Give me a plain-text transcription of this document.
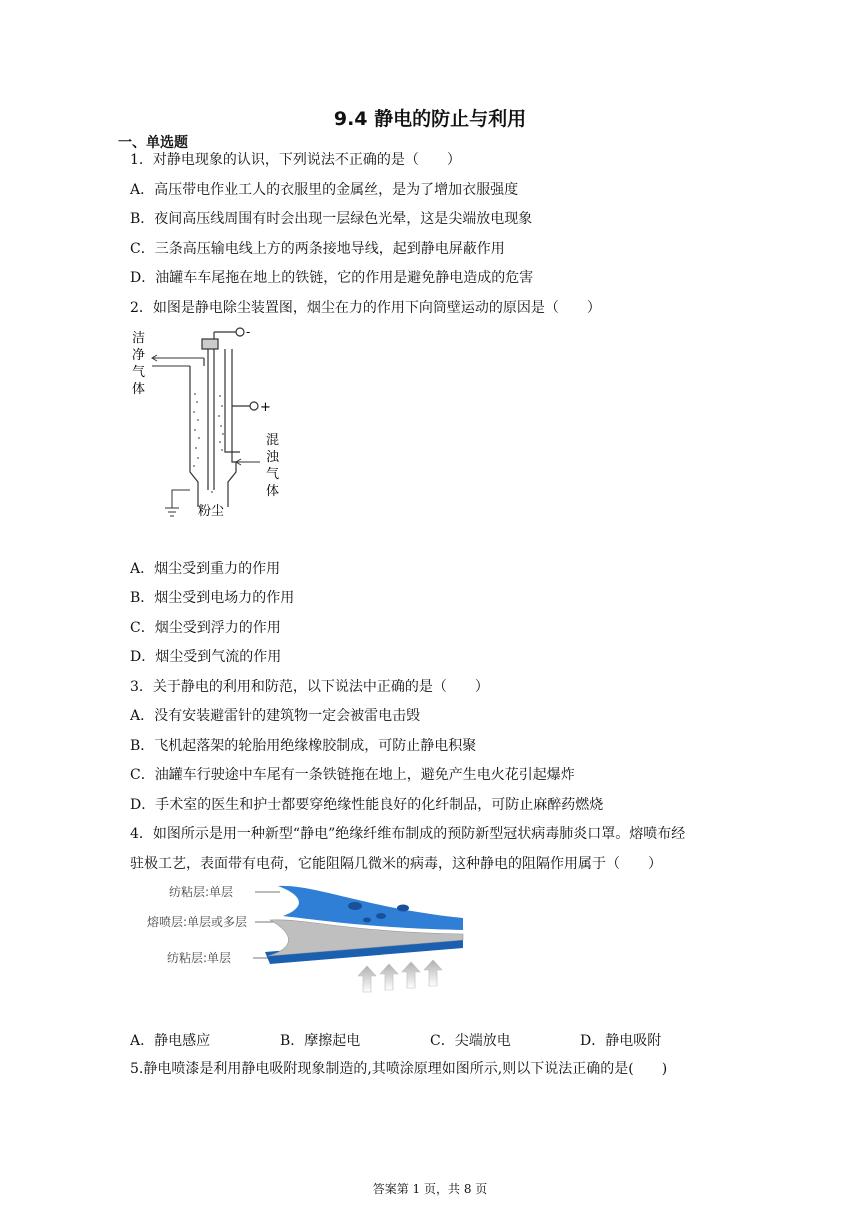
9.4 静电的防止与利用
一、单选题
1．对静电现象的认识，下列说法不正确的是（　　）
A．高压带电作业工人的衣服里的金属丝，是为了增加衣服强度
B．夜间高压线周围有时会出现一层绿色光晕，这是尖端放电现象
C．三条高压输电线上方的两条接地导线，起到静电屏蔽作用
D．油罐车车尾拖在地上的铁链，它的作用是避免静电造成的危害
2．如图是静电除尘装置图，烟尘在力的作用下向筒壁运动的原因是（　　）
洁
净
气
体
-
+
混
浊
气
体
粉尘
A．烟尘受到重力的作用
B．烟尘受到电场力的作用
C．烟尘受到浮力的作用
D．烟尘受到气流的作用
3．关于静电的利用和防范，以下说法中正确的是（　　）
A．没有安装避雷针的建筑物一定会被雷电击毁
B．飞机起落架的轮胎用绝缘橡胶制成，可防止静电积聚
C．油罐车行驶途中车尾有一条铁链拖在地上，避免产生电火花引起爆炸
D．手术室的医生和护士都要穿绝缘性能良好的化纤制品，可防止麻醉药燃烧
4．如图所示是用一种新型“静电”绝缘纤维布制成的预防新型冠状病毒肺炎口罩。熔喷布经
驻极工艺，表面带有电荷，它能阻隔几微米的病毒，这种静电的阻隔作用属于（　　）
纺粘层:单层
熔喷层:单层或多层
纺粘层:单层
A．静电感应	B．摩擦起电	C．尖端放电	D．静电吸附
5.静电喷漆是利用静电吸附现象制造的,其喷涂原理如图所示,则以下说法正确的是(　　)
答案第 1 页，共 8 页
